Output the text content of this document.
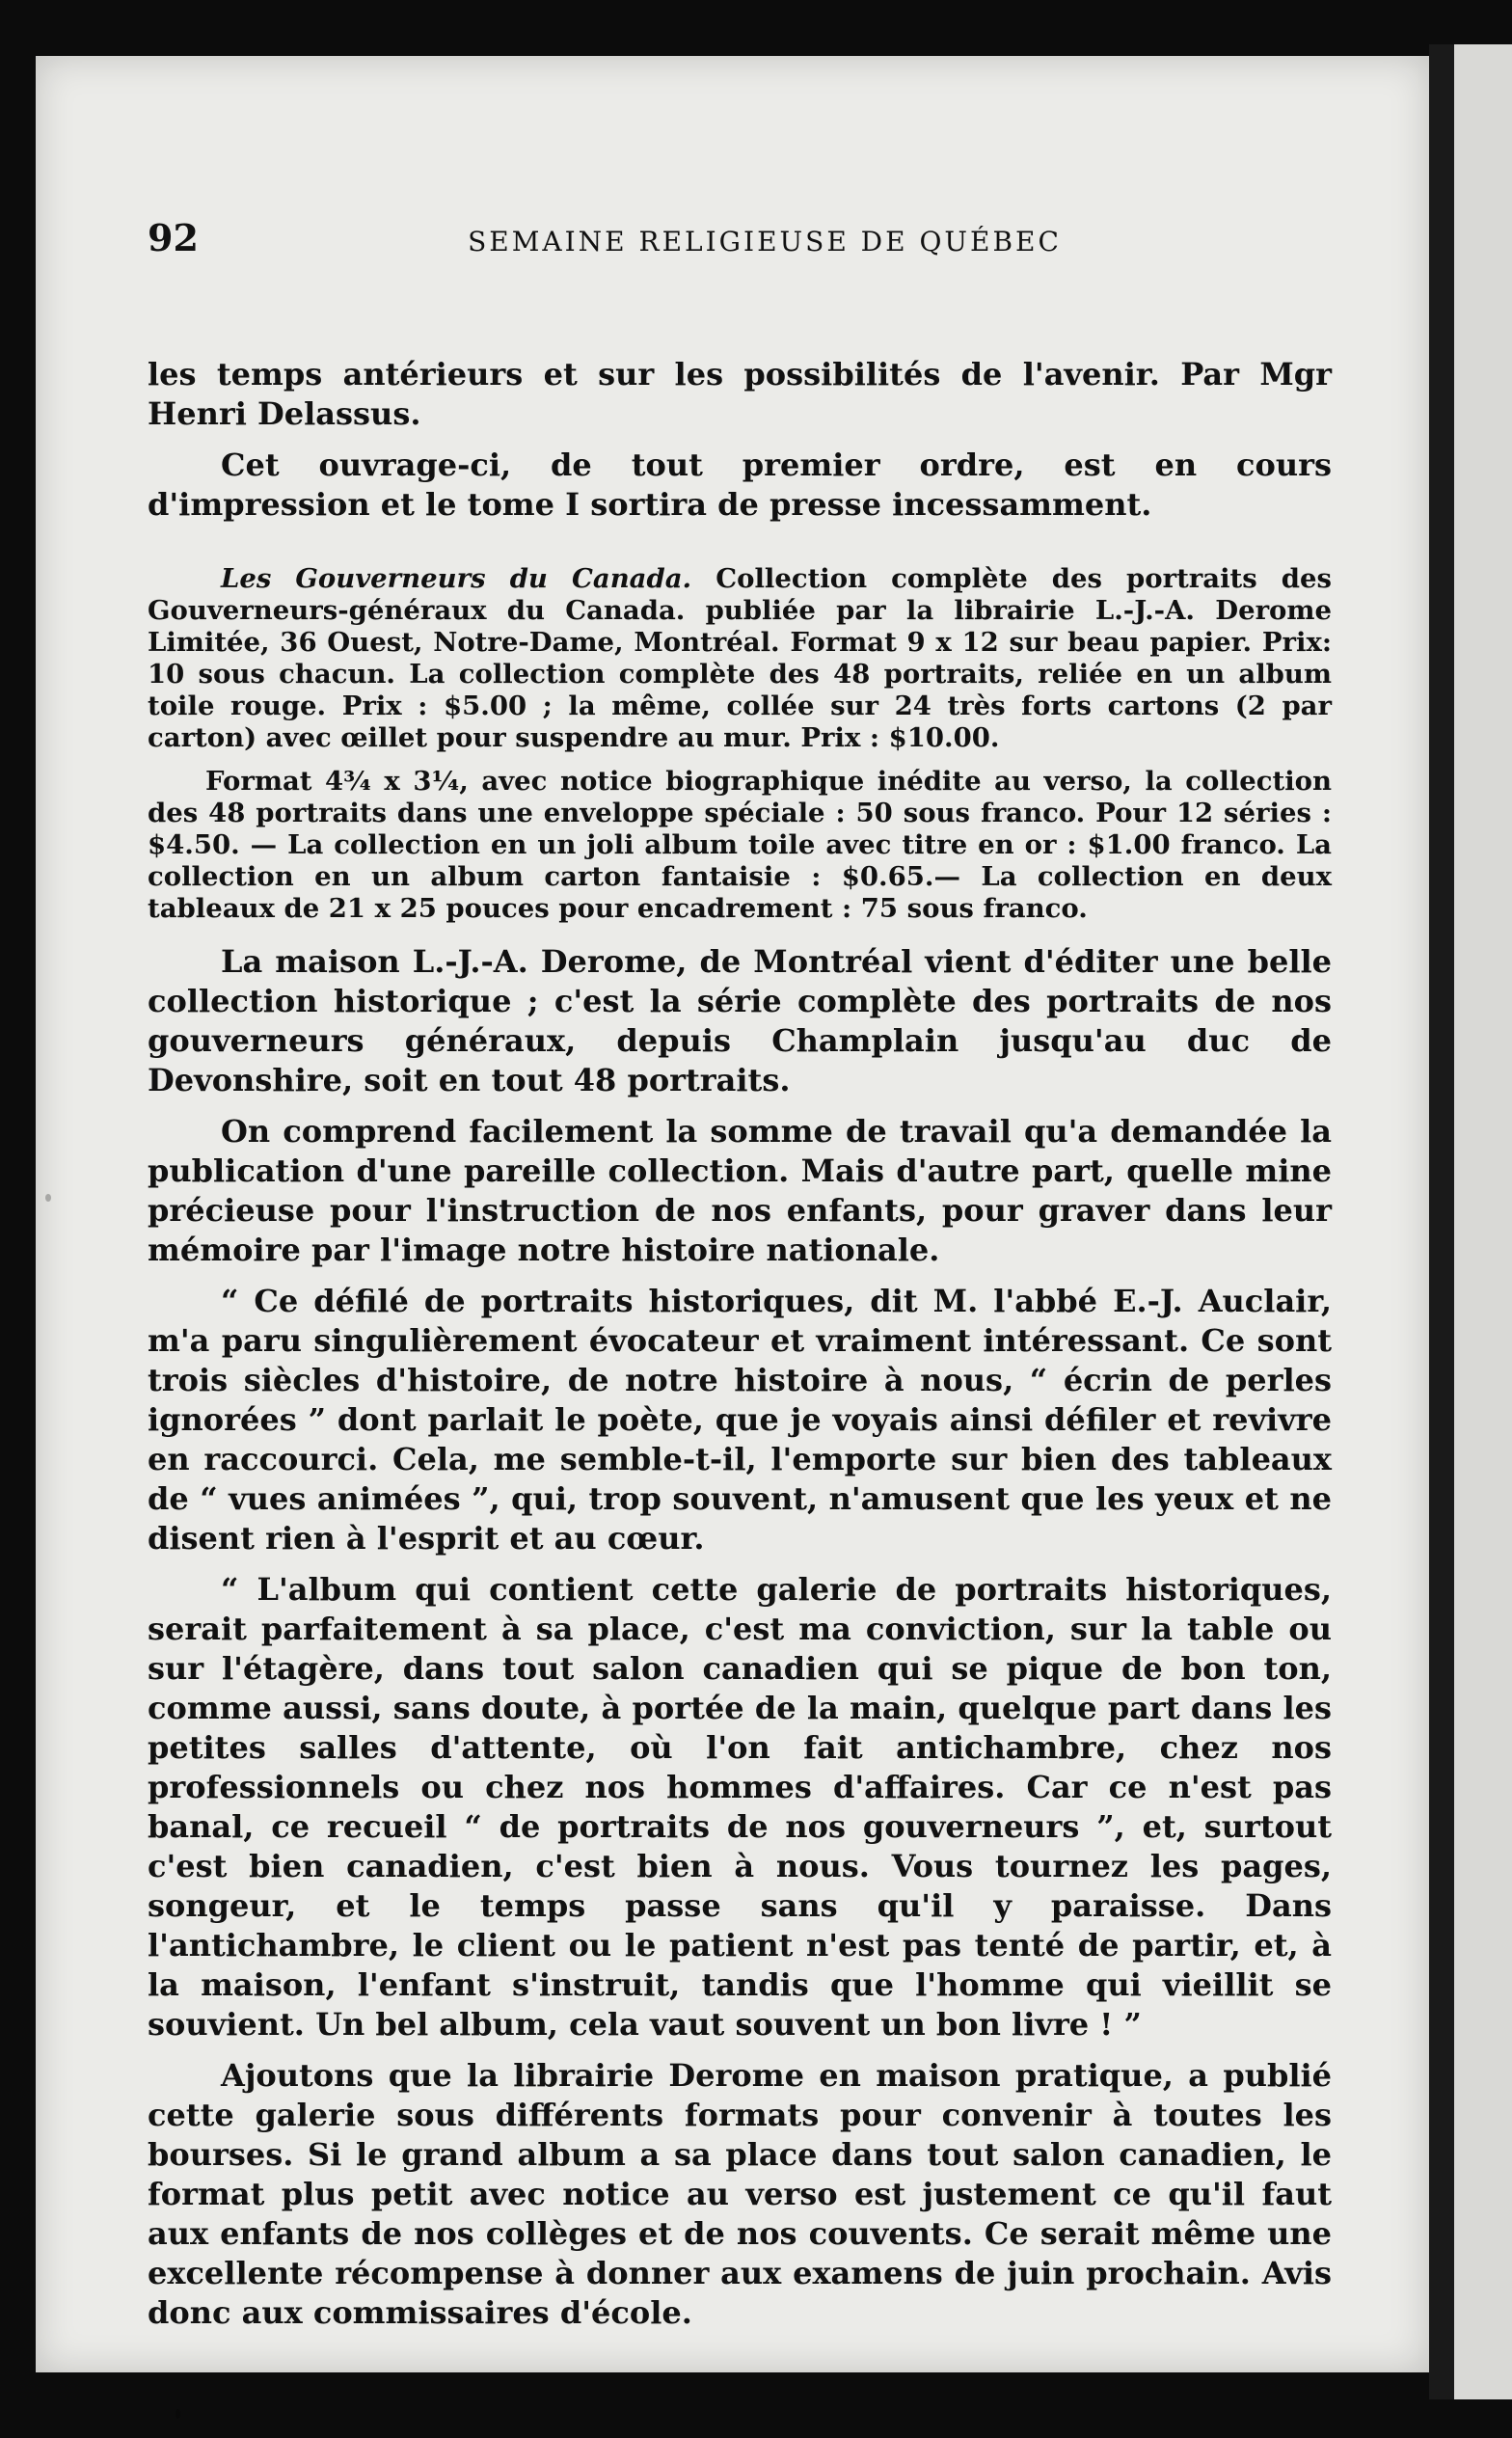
92	SEMAINE RELIGIEUSE DE QUÉBEC

les temps antérieurs et sur les possibilités de l'avenir. Par Mgr Henri Delassus.

Cet ouvrage-ci, de tout premier ordre, est en cours d'impression et le tome I sortira de presse incessamment.

Les Gouverneurs du Canada. Collection complète des portraits des Gouverneurs-généraux du Canada. publiée par la librairie L.-J.-A. Derome Limitée, 36 Ouest, Notre-Dame, Montréal. Format 9 x 12 sur beau papier. Prix: 10 sous chacun. La collection complète des 48 portraits, reliée en un album toile rouge. Prix : $5.00 ; la même, collée sur 24 très forts cartons (2 par carton) avec œillet pour suspendre au mur. Prix : $10.00.

Format 4¾ x 3¼, avec notice biographique inédite au verso, la collection des 48 portraits dans une enveloppe spéciale : 50 sous franco. Pour 12 séries : $4.50. — La collection en un joli album toile avec titre en or : $1.00 franco. La collection en un album carton fantaisie : $0.65.— La collection en deux tableaux de 21 x 25 pouces pour encadrement : 75 sous franco.

La maison L.-J.-A. Derome, de Montréal vient d'éditer une belle collection historique ; c'est la série complète des portraits de nos gouverneurs généraux, depuis Champlain jusqu'au duc de Devonshire, soit en tout 48 portraits.

On comprend facilement la somme de travail qu'a demandée la publication d'une pareille collection. Mais d'autre part, quelle mine précieuse pour l'instruction de nos enfants, pour graver dans leur mémoire par l'image notre histoire nationale.

“ Ce défilé de portraits historiques, dit M. l'abbé E.-J. Auclair, m'a paru singulièrement évocateur et vraiment intéressant. Ce sont trois siècles d'histoire, de notre histoire à nous, “ écrin de perles ignorées ” dont parlait le poète, que je voyais ainsi défiler et revivre en raccourci. Cela, me semble-t-il, l'emporte sur bien des tableaux de “ vues animées ”, qui, trop souvent, n'amusent que les yeux et ne disent rien à l'esprit et au cœur.

“ L'album qui contient cette galerie de portraits historiques, serait parfaitement à sa place, c'est ma conviction, sur la table ou sur l'étagère, dans tout salon canadien qui se pique de bon ton, comme aussi, sans doute, à portée de la main, quelque part dans les petites salles d'attente, où l'on fait antichambre, chez nos professionnels ou chez nos hommes d'affaires. Car ce n'est pas banal, ce recueil “ de portraits de nos gouverneurs ”, et, surtout c'est bien canadien, c'est bien à nous. Vous tournez les pages, songeur, et le temps passe sans qu'il y paraisse. Dans l'antichambre, le client ou le patient n'est pas tenté de partir, et, à la maison, l'enfant s'instruit, tandis que l'homme qui vieillit se souvient. Un bel album, cela vaut souvent un bon livre ! ”

Ajoutons que la librairie Derome en maison pratique, a publié cette galerie sous différents formats pour convenir à toutes les bourses. Si le grand album a sa place dans tout salon canadien, le format plus petit avec notice au verso est justement ce qu'il faut aux enfants de nos collèges et de nos couvents. Ce serait même une excellente récompense à donner aux examens de juin prochain. Avis donc aux commissaires d'école.
